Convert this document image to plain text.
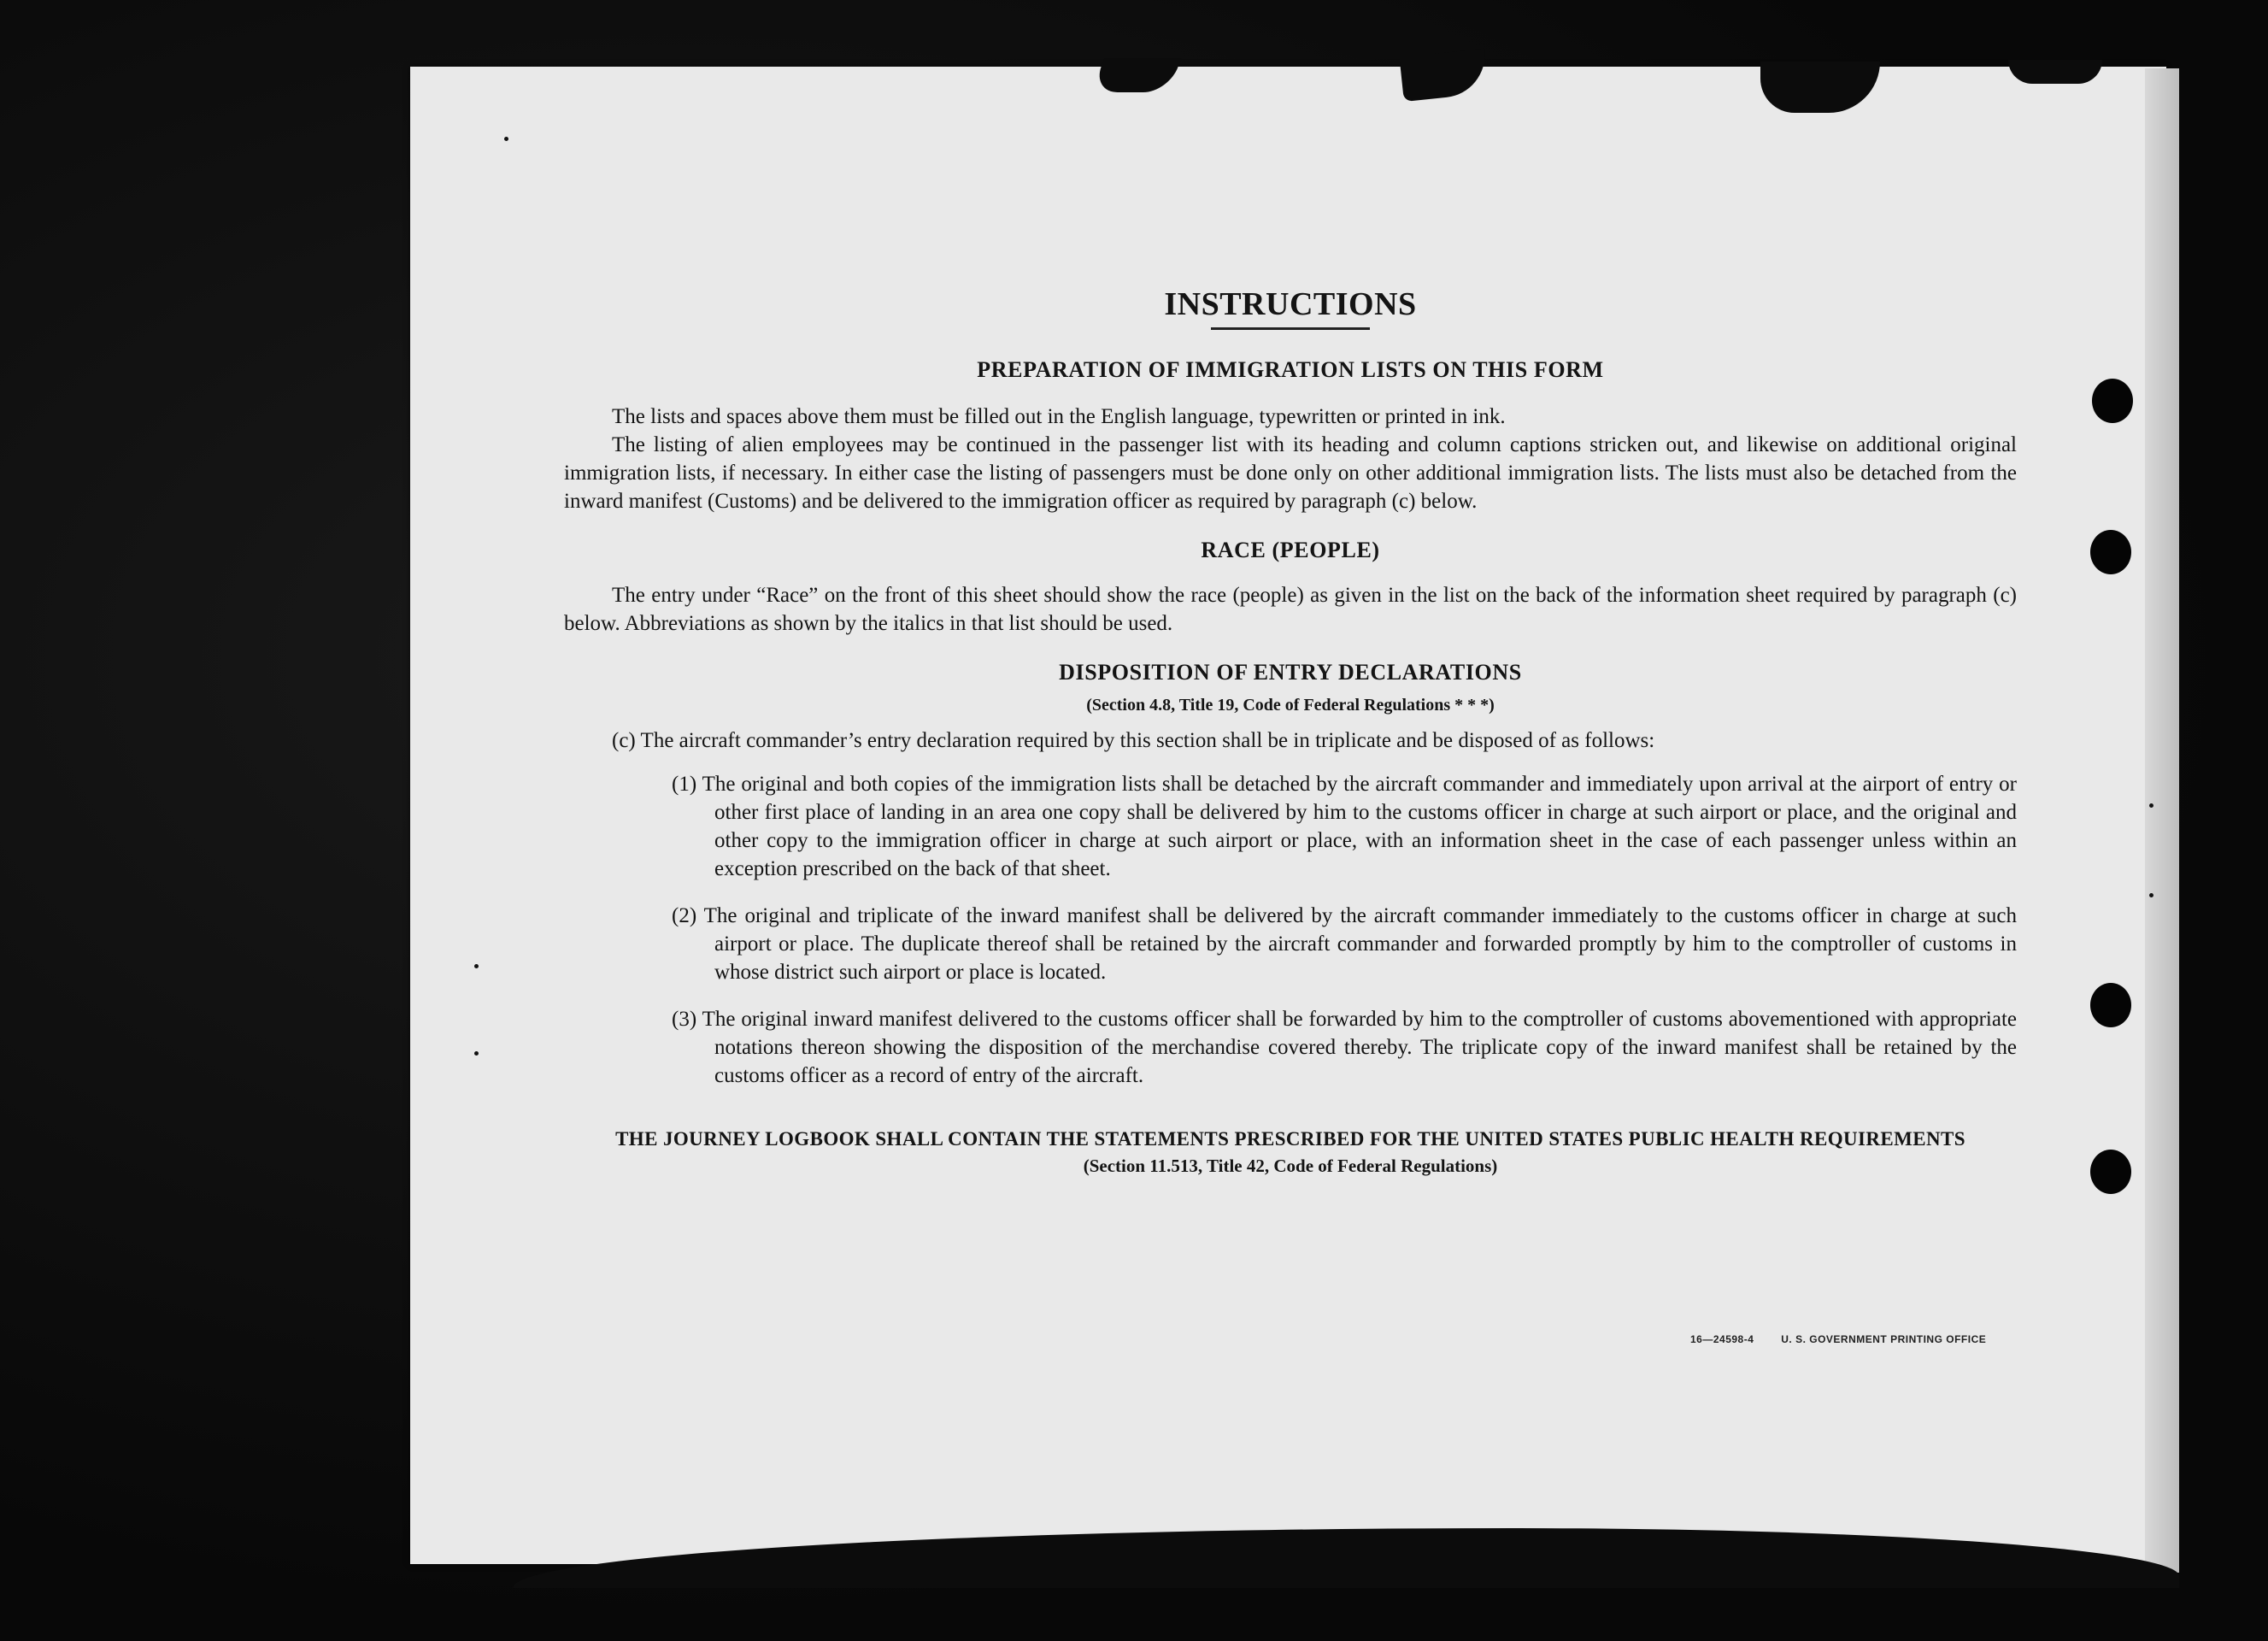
INSTRUCTIONS
PREPARATION OF IMMIGRATION LISTS ON THIS FORM

The lists and spaces above them must be filled out in the English language, typewritten or printed in ink.

The listing of alien employees may be continued in the passenger list with its heading and column captions stricken out, and likewise on additional original immigration lists, if necessary. In either case the listing of passengers must be done only on other additional immigration lists. The lists must also be detached from the inward manifest (Customs) and be delivered to the immigration officer as required by paragraph (c) below.

RACE (PEOPLE)

The entry under “Race” on the front of this sheet should show the race (people) as given in the list on the back of the information sheet required by paragraph (c) below. Abbreviations as shown by the italics in that list should be used.

DISPOSITION OF ENTRY DECLARATIONS
(Section 4.8, Title 19, Code of Federal Regulations * * *)

(c) The aircraft commander’s entry declaration required by this section shall be in triplicate and be disposed of as follows:

(1) The original and both copies of the immigration lists shall be detached by the aircraft commander and immediately upon arrival at the airport of entry or other first place of landing in an area one copy shall be delivered by him to the customs officer in charge at such airport or place, and the original and other copy to the immigration officer in charge at such airport or place, with an information sheet in the case of each passenger unless within an exception prescribed on the back of that sheet.
(2) The original and triplicate of the inward manifest shall be delivered by the aircraft commander immediately to the customs officer in charge at such airport or place. The duplicate thereof shall be retained by the aircraft commander and forwarded promptly by him to the comptroller of customs in whose district such airport or place is located.
(3) The original inward manifest delivered to the customs officer shall be forwarded by him to the comptroller of customs abovementioned with appropriate notations thereon showing the disposition of the merchandise covered thereby. The triplicate copy of the inward manifest shall be retained by the customs officer as a record of entry of the aircraft.
THE JOURNEY LOGBOOK SHALL CONTAIN THE STATEMENTS PRESCRIBED FOR THE UNITED STATES PUBLIC HEALTH REQUIREMENTS
(Section 11.513, Title 42, Code of Federal Regulations)
16—24598-4	U. S. GOVERNMENT PRINTING OFFICE
